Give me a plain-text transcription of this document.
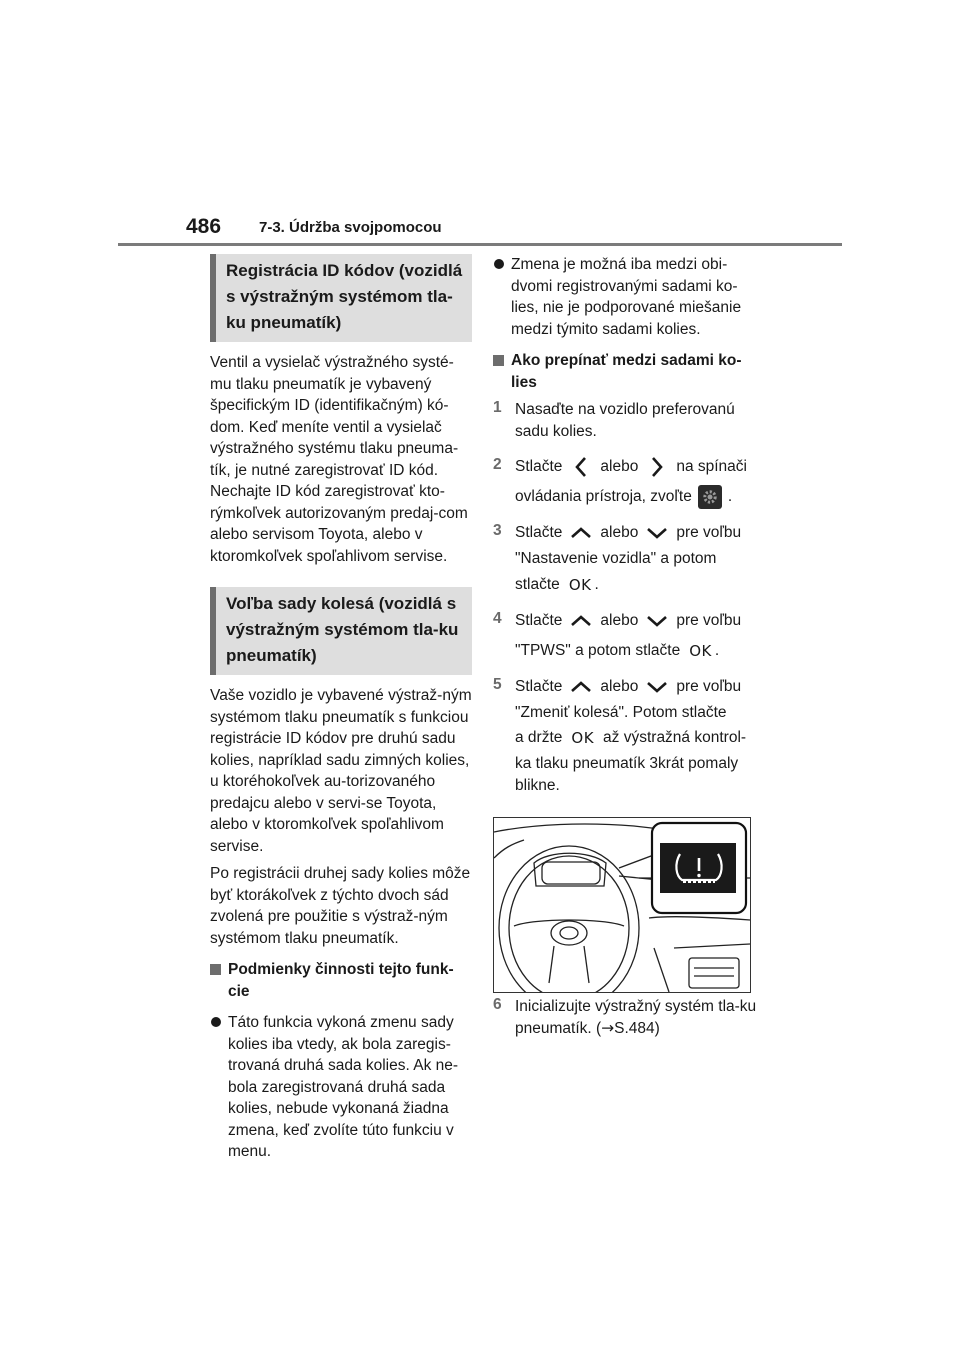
486	7-3. Údržba svojpomocou
Registrácia ID kódov (vozidlá s výstražným systémom tla-ku pneumatík)

Ventil a vysielač výstražného systé-mu tlaku pneumatík je vybavený špecifickým ID (identifikačným) kó-dom. Keď meníte ventil a vysielač výstražného systému tlaku pneuma-tík, je nutné zaregistrovať ID kód. Nechajte ID kód zaregistrovať kto-rýmkoľvek autorizovaným predaj-com alebo servisom Toyota, alebo v ktoromkoľvek spoľahlivom servise.

Voľba sady kolesá (vozidlá s výstražným systémom tla-ku pneumatík)

Vaše vozidlo je vybavené výstraž-ným systémom tlaku pneumatík s funkciou registrácie ID kódov pre druhú sadu kolies, napríklad sadu zimných kolies, u ktoréhokoľvek au-torizovaného predajcu alebo v servi-se Toyota, alebo v ktoromkoľvek spoľahlivom servise.

Po registrácii druhej sady kolies môže byť ktorákoľvek z týchto dvoch sád zvolená pre použitie s výstraž-ným systémom tlaku pneumatík.

Podmienky činnosti tejto funk-cie
Táto funkcia vykoná zmenu sady kolies iba vtedy, ak bola zaregis-trovaná druhá sada kolies. Ak ne-bola zaregistrovaná druhá sada kolies, nebude vykonaná žiadna zmena, keď zvolíte túto funkciu v menu.
Zmena je možná iba medzi obi-dvomi registrovanými sadami ko-lies, nie je podporované miešanie medzi týmito sadami kolies.
Ako prepínať medzi sadami ko-lies
1 Nasaďte na vozidlo preferovanú sadu kolies.
2 Stlačte alebo na spínači
ovládania prístroja, zvoľte .
3 Stlačte alebo pre voľbu
"Nastavenie vozidla" a potom
stlačte OK .
4 Stlačte alebo pre voľbu
"TPWS" a potom stlačte OK .
5 Stlačte alebo pre voľbu
"Zmeniť kolesá". Potom stlačte
a držte OK až výstražná kontrol-
ka tlaku pneumatík 3krát pomaly
blikne.
6 Inicializujte výstražný systém tla-ku pneumatík. (→S.484)
